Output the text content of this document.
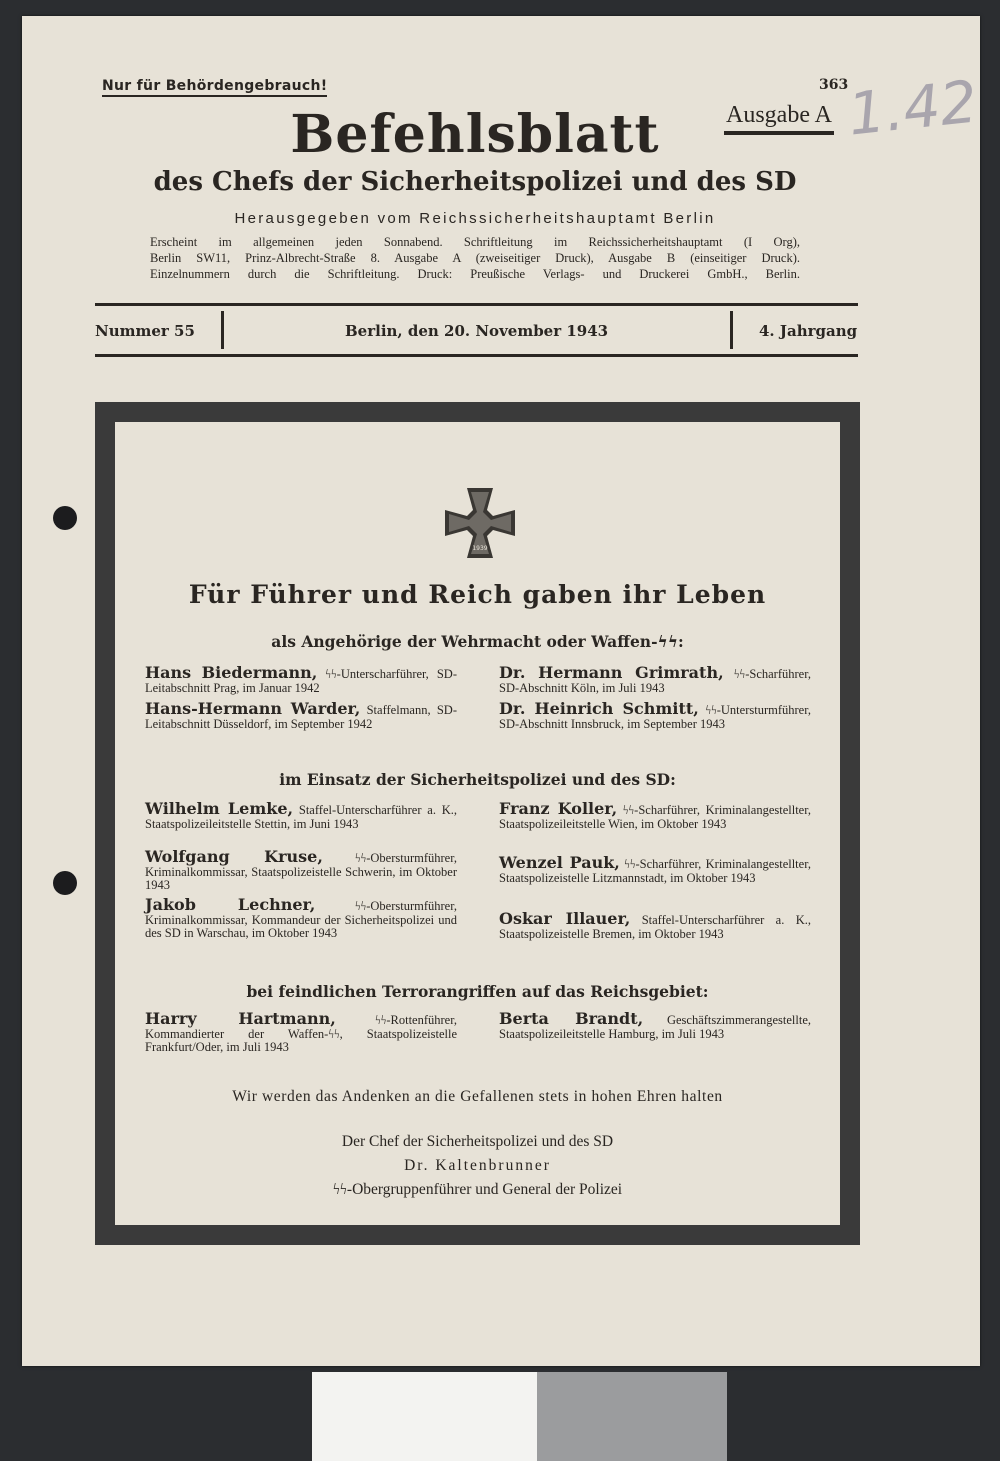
Nur für Behördengebrauch!	363
1.42
Befehlsblatt	Ausgabe A
des Chefs der Sicherheitspolizei und des SD
Herausgegeben vom Reichssicherheitshauptamt Berlin
Erscheint im allgemeinen jeden Sonnabend. Schriftleitung im Reichssicherheitshauptamt (I Org),
Berlin SW11, Prinz-Albrecht-Straße 8. Ausgabe A (zweiseitiger Druck), Ausgabe B (einseitiger Druck).
Einzelnummern durch die Schriftleitung. Druck: Preußische Verlags- und Druckerei GmbH., Berlin.
Nummer 55	Berlin, den 20. November 1943	4. Jahrgang
1939
Für Führer und Reich gaben ihr Leben
als Angehörige der Wehrmacht oder Waffen-ϟϟ:
Hans Biedermann, ϟϟ-Unterscharführer, SD-Leitabschnitt Prag, im Januar 1942
Hans-Hermann Warder, Staffelmann, SD-Leitabschnitt Düsseldorf, im September 1942
Dr. Hermann Grimrath, ϟϟ-Scharführer, SD-Abschnitt Köln, im Juli 1943
Dr. Heinrich Schmitt, ϟϟ-Untersturmführer, SD-Abschnitt Innsbruck, im September 1943
im Einsatz der Sicherheitspolizei und des SD:
Wilhelm Lemke, Staffel-Unterscharführer a. K., Staatspolizeileitstelle Stettin, im Juni 1943
Wolfgang Kruse,	ϟϟ-Obersturmführer, Kriminalkommissar, Staatspolizeistelle Schwerin, im Oktober 1943
Jakob Lechner,	ϟϟ-Obersturmführer, Kriminalkommissar, Kommandeur der Sicherheitspolizei und des SD in Warschau, im Oktober 1943
Franz Koller, ϟϟ-Scharführer, Kriminalangestellter, Staatspolizeileitstelle Wien, im Oktober 1943
Wenzel Pauk, ϟϟ-Scharführer, Kriminalangestellter, Staatspolizeistelle Litzmannstadt, im Oktober 1943
Oskar Illauer, Staffel-Unterscharführer a. K., Staatspolizeistelle Bremen, im Oktober 1943
bei feindlichen Terrorangriffen auf das Reichsgebiet:
Harry Hartmann,	ϟϟ-Rottenführer, Kommandierter der Waffen-ϟϟ, Staatspolizeistelle Frankfurt/Oder, im Juli 1943
Berta Brandt, Geschäftszimmerangestellte, Staatspolizeileitstelle Hamburg, im Juli 1943
Wir werden das Andenken an die Gefallenen stets in hohen Ehren halten
Der Chef der Sicherheitspolizei und des SD
Dr. Kaltenbrunner
ϟϟ-Obergruppenführer und General der Polizei
